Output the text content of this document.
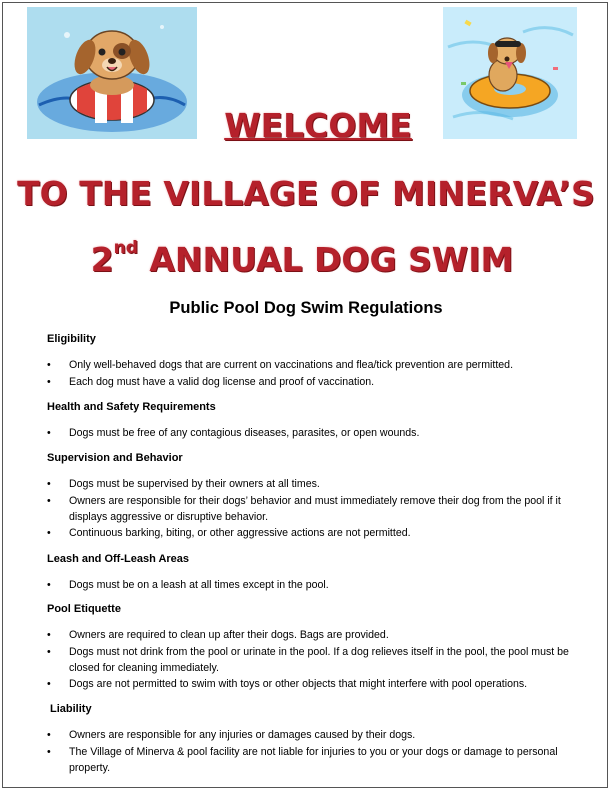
WELCOME
TO THE VILLAGE OF MINERVA’S
2nd ANNUAL DOG SWIM
Public Pool Dog Swim Regulations
Eligibility
• Only well-behaved dogs that are current on vaccinations and flea/tick prevention are permitted.
• Each dog must have a valid dog license and proof of vaccination.
Health and Safety Requirements
• Dogs must be free of any contagious diseases, parasites, or open wounds.
Supervision and Behavior
• Dogs must be supervised by their owners at all times.
• Owners are responsible for their dogs’ behavior and must immediately remove their dog from the pool if it displays aggressive or disruptive behavior.
• Continuous barking, biting, or other aggressive actions are not permitted.
Leash and Off-Leash Areas
• Dogs must be on a leash at all times except in the pool.
Pool Etiquette
• Owners are required to clean up after their dogs. Bags are provided.
• Dogs must not drink from the pool or urinate in the pool. If a dog relieves itself in the pool, the pool must be closed for cleaning immediately.
• Dogs are not permitted to swim with toys or other objects that might interfere with pool operations.
Liability
• Owners are responsible for any injuries or damages caused by their dogs.
• The Village of Minerva & pool facility are not liable for injuries to you or your dogs or damage to personal property.
